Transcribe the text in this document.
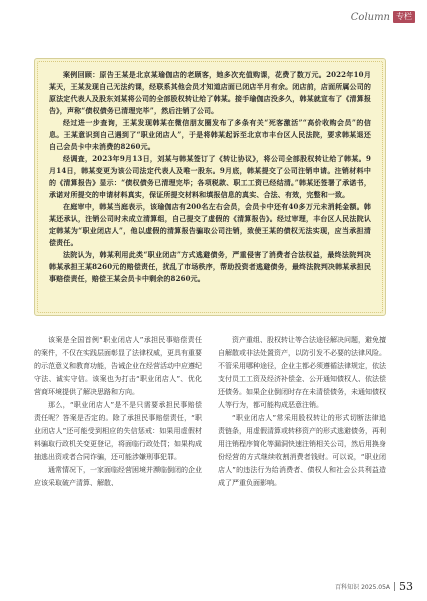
Column 专栏

案例回顾：原告王某是北京某瑜伽店的老顾客，她多次充值购课，花费了数万元。2022年10月某天，王某发现自己无法约课，经联系其他会员才知道店面已闭店半月有余。闭店前，店面所属公司的原法定代表人及股东刘某将公司的全部股权转让给了韩某。接手瑜伽店没多久，韩某就宣布了《清算报告》，声称“债权债务已清理完毕”，然后注销了公司。

经过进一步查询，王某发现韩某在微信朋友圈发布了多条有关“死客激活”“高价收购会员”的信息。王某意识到自己遇到了“职业闭店人”，于是将韩某起诉至北京市丰台区人民法院，要求韩某退还自己会员卡中未消费的8260元。

经调查，2023年9月13日，刘某与韩某签订了《转让协议》，将公司全部股权转让给了韩某。9月14日，韩某变更为该公司法定代表人及唯一股东。9月底，韩某提交了公司注销申请。注销材料中的《清算报告》显示：“债权债务已清理完毕；各项税款、职工工资已经结清。”韩某还签署了承诺书，承诺对所提交的申请材料真实，保证所提交材料和填报信息的真实、合法、有效，完整和一致。

在庭审中，韩某当庭表示，该瑜伽店有200名左右会员，会员卡中还有40多万元未消耗金额。韩某还承认，注销公司时未成立清算组，自己提交了虚假的《清算报告》。经过审理，丰台区人民法院认定韩某为“职业闭店人”，他以虚假的清算报告骗取公司注销，致使王某的债权无法实现，应当承担清偿责任。

法院认为，韩某利用此类“职业闭店”方式逃避债务，严重侵害了消费者合法权益，最终法院判决韩某承担王某8260元的赔偿责任，扰乱了市场秩序，帮助投资者逃避债务，最终法院判决韩某承担民事赔偿责任，赔偿王某会员卡中剩余的8260元。

该案是全国首例“职业闭店人”承担民事赔偿责任的案件，不仅在实践层面彰显了法律权威，更具有重要的示范意义和教育功能，告诫企业在经营活动中应遵纪守法、诚实守信。该案也为打击“职业闭店人”、优化营商环境提供了解决思路和方向。

那么，“职业闭店人”是不是只需要承担民事赔偿责任呢？答案是否定的。除了承担民事赔偿责任，“职业闭店人”还可能受到相应的失信惩戒：如果用虚假材料骗取行政机关变更登记，将面临行政处罚；如果构成抽逃出资或者合同诈骗，还可能涉嫌刑事犯罪。

通常情况下，一家面临经营困境并濒临倒闭的企业应该采取破产清算、解散、

资产重组、股权转让等合法途径解决问题，避免擅自解散或非法处置资产，以防引发不必要的法律风险。不管采用哪种途径，企业主都必须遵循法律规定，依法支付员工工资及经济补偿金、公开通知债权人、依法偿还债务。如果企业倒闭时存在未清偿债务，未通知债权人等行为，都可能构成恶意注销。

“职业闭店人”常采用股权转让的形式切断法律追责链条，用虚假清算或转移资产的形式逃避债务，再利用注销程序简化等漏洞快速注销相关公司，然后用换身份经营的方式继续收割消费者钱财。可以说，“职业闭店人”的违法行为给消费者、债权人和社会公共利益造成了严重负面影响。

百科知识 2025.05A 53
